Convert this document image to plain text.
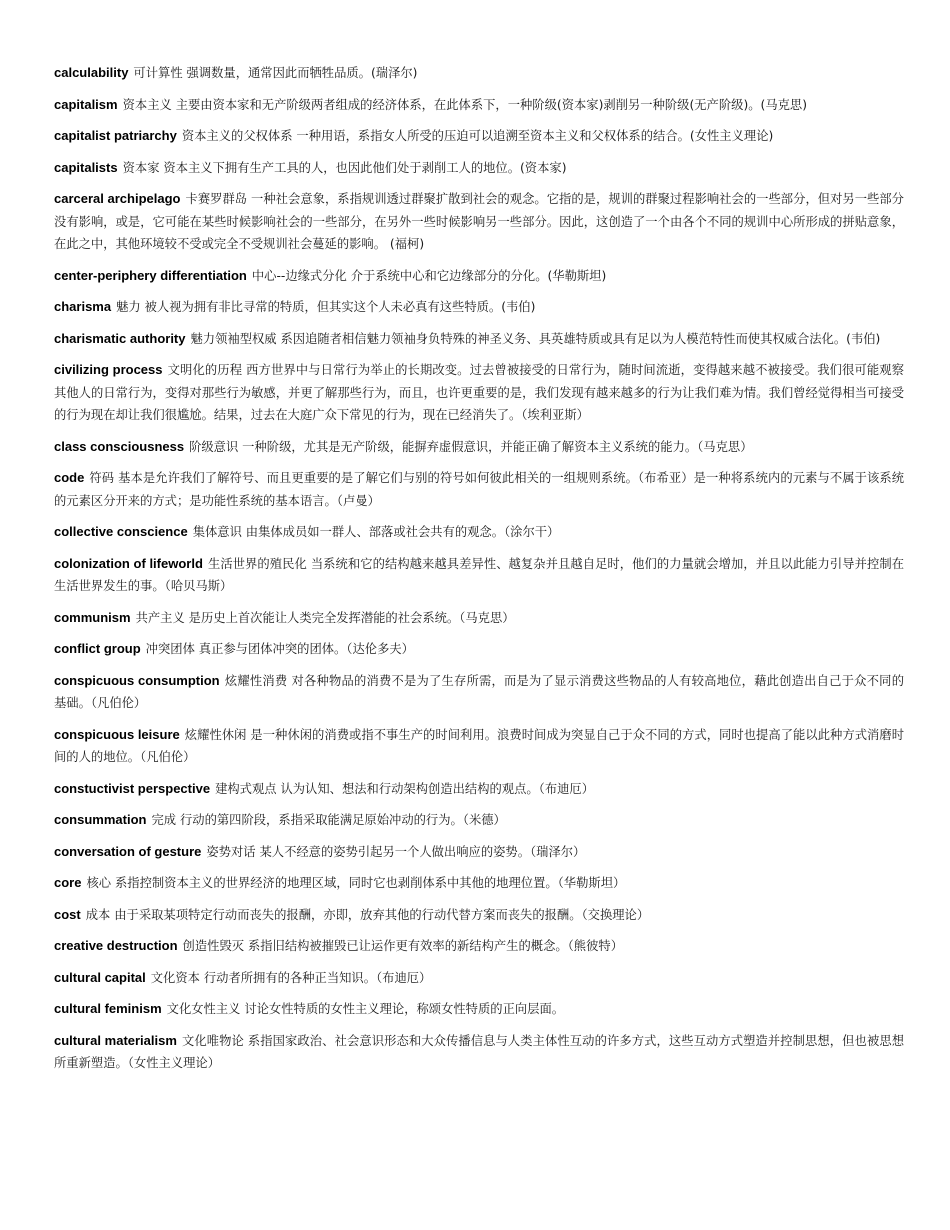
calculability 可计算性 强调数量，通常因此而牺牲品质。(瑞泽尔)

capitalism 资本主义 主要由资本家和无产阶级两者组成的经济体系，在此体系下，一种阶级(资本家)剥削另一种阶级(无产阶级)。(马克思)

capitalist patriarchy 资本主义的父权体系 一种用语，系指女人所受的压迫可以追溯至资本主义和父权体系的结合。(女性主义理论)

capitalists 资本家 资本主义下拥有生产工具的人，也因此他们处于剥削工人的地位。(资本家)

carceral archipelago 卡赛罗群岛 一种社会意象，系指规训透过群聚扩散到社会的观念。它指的是，规训的群聚过程影响社会的一些部分，但对另一些部分没有影响，或是，它可能在某些时候影响社会的一些部分，在另外一些时候影响另一些部分。因此，这创造了一个由各个不同的规训中心所形成的拼贴意象，在此之中，其他环境较不受或完全不受规训社会蔓延的影响。 (福柯)

center-periphery differentiation 中心--边缘式分化 介于系统中心和它边缘部分的分化。(华勒斯坦)

charisma 魅力 被人视为拥有非比寻常的特质，但其实这个人未必真有这些特质。(韦伯)

charismatic authority 魅力领袖型权威 系因追随者相信魅力领袖身负特殊的神圣义务、具英雄特质或具有足以为人模范特性而使其权威合法化。(韦伯)

civilizing process 文明化的历程 西方世界中与日常行为举止的长期改变。过去曾被接受的日常行为，随时间流逝，变得越来越不被接受。我们很可能观察其他人的日常行为，变得对那些行为敏感，并更了解那些行为，而且，也许更重要的是，我们发现有越来越多的行为让我们难为情。我们曾经觉得相当可接受的行为现在却让我们很尴尬。结果，过去在大庭广众下常见的行为，现在已经消失了。（埃利亚斯）

class consciousness 阶级意识 一种阶级，尤其是无产阶级，能摒弃虚假意识，并能正确了解资本主义系统的能力。（马克思）

code 符码 基本是允许我们了解符号、而且更重要的是了解它们与别的符号如何彼此相关的一组规则系统。（布希亚）是一种将系统内的元素与不属于该系统的元素区分开来的方式；是功能性系统的基本语言。（卢曼）

collective conscience 集体意识 由集体成员如一群人、部落或社会共有的观念。（涂尔干）

colonization of lifeworld 生活世界的殖民化 当系统和它的结构越来越具差异性、越复杂并且越自足时，他们的力量就会增加，并且以此能力引导并控制在生活世界发生的事。（哈贝马斯）

communism 共产主义 是历史上首次能让人类完全发挥潜能的社会系统。（马克思）

conflict group 冲突团体 真正参与团体冲突的团体。（达伦多夫）

conspicuous consumption 炫耀性消费 对各种物品的消费不是为了生存所需，而是为了显示消费这些物品的人有较高地位，藉此创造出自己于众不同的基础。（凡伯伦）

conspicuous leisure 炫耀性休闲 是一种休闲的消费或指不事生产的时间利用。浪费时间成为突显自己于众不同的方式，同时也提高了能以此种方式消磨时间的人的地位。（凡伯伦）

constuctivist perspective 建构式观点 认为认知、想法和行动架构创造出结构的观点。（布迪厄）

consummation 完成 行动的第四阶段，系指采取能满足原始冲动的行为。（米德）

conversation of gesture 姿势对话 某人不经意的姿势引起另一个人做出响应的姿势。（瑞泽尔）

core 核心 系指控制资本主义的世界经济的地理区域，同时它也剥削体系中其他的地理位置。（华勒斯坦）

cost 成本 由于采取某项特定行动而丧失的报酬，亦即，放弃其他的行动代替方案而丧失的报酬。（交换理论）

creative destruction 创造性毁灭 系指旧结构被摧毁已让运作更有效率的新结构产生的概念。（熊彼特）

cultural capital 文化资本 行动者所拥有的各种正当知识。（布迪厄）

cultural feminism 文化女性主义 讨论女性特质的女性主义理论，称颂女性特质的正向层面。

cultural materialism 文化唯物论 系指国家政治、社会意识形态和大众传播信息与人类主体性互动的许多方式，这些互动方式塑造并控制思想，但也被思想所重新塑造。（女性主义理论）
